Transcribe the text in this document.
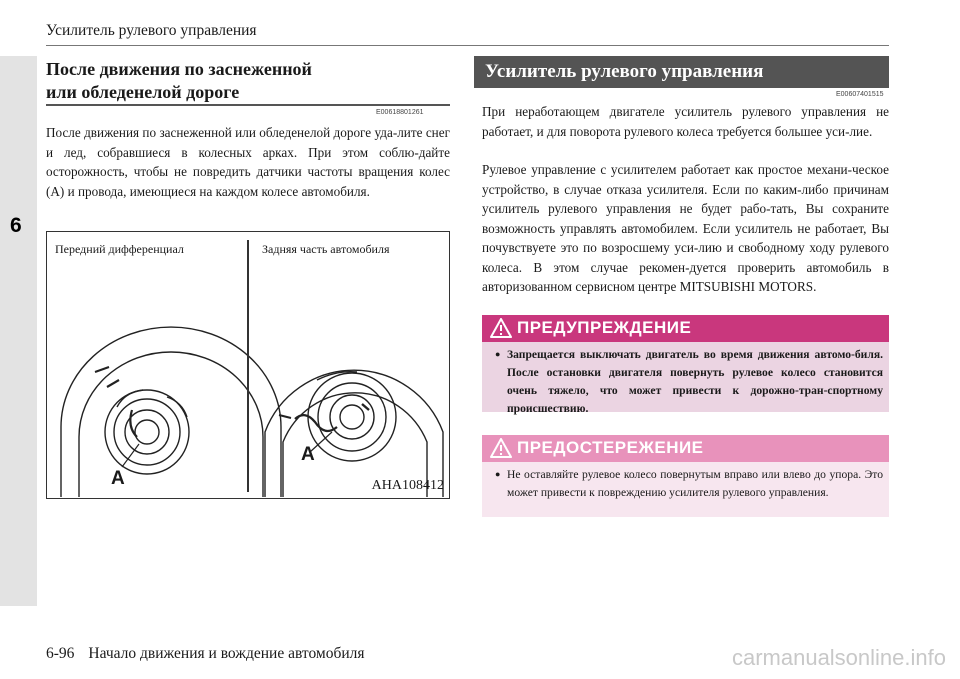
6
Усилитель рулевого управления
После движения по заснеженной
или обледенелой дороге
E00618801261
После движения по заснеженной или обледенелой дороге уда-лите снег и лед, собравшиеся в колесных арках. При этом соблю-дайте осторожность, чтобы не повредить датчики частоты вращения колес (A) и провода, имеющиеся на каждом колесе автомобиля.
Передний дифференциал	Задняя часть автомобиля
A
A
AHA108412
Усилитель рулевого управления
E00607401515
При неработающем двигателе усилитель рулевого управления не работает, и для поворота рулевого колеса требуется большее уси-лие.
Рулевое управление с усилителем работает как простое механи-ческое устройство, в случае отказа усилителя. Если по каким-либо причинам усилитель рулевого управления не будет рабо-тать, Вы сохраните возможность управлять автомобилем. Если усилитель не работает, Вы почувствуете это по возросшему уси-лию и свободному ходу рулевого колеса. В этом случае рекомен-дуется проверить автомобиль в авторизованном сервисном центре MITSUBISHI MOTORS.
ПРЕДУПРЕЖДЕНИЕ

● Запрещается выключать двигатель во время движения автомо-биля. После остановки двигателя повернуть рулевое колесо становится очень тяжело, что может привести к дорожно-тран-спортному происшествию.

ПРЕДОСТЕРЕЖЕНИЕ

● Не оставляйте рулевое колесо повернутым вправо или влево до упора. Это может привести к повреждению усилителя рулевого управления.

6-96 Начало движения и вождение автомобиля	carmanualsonline.info
